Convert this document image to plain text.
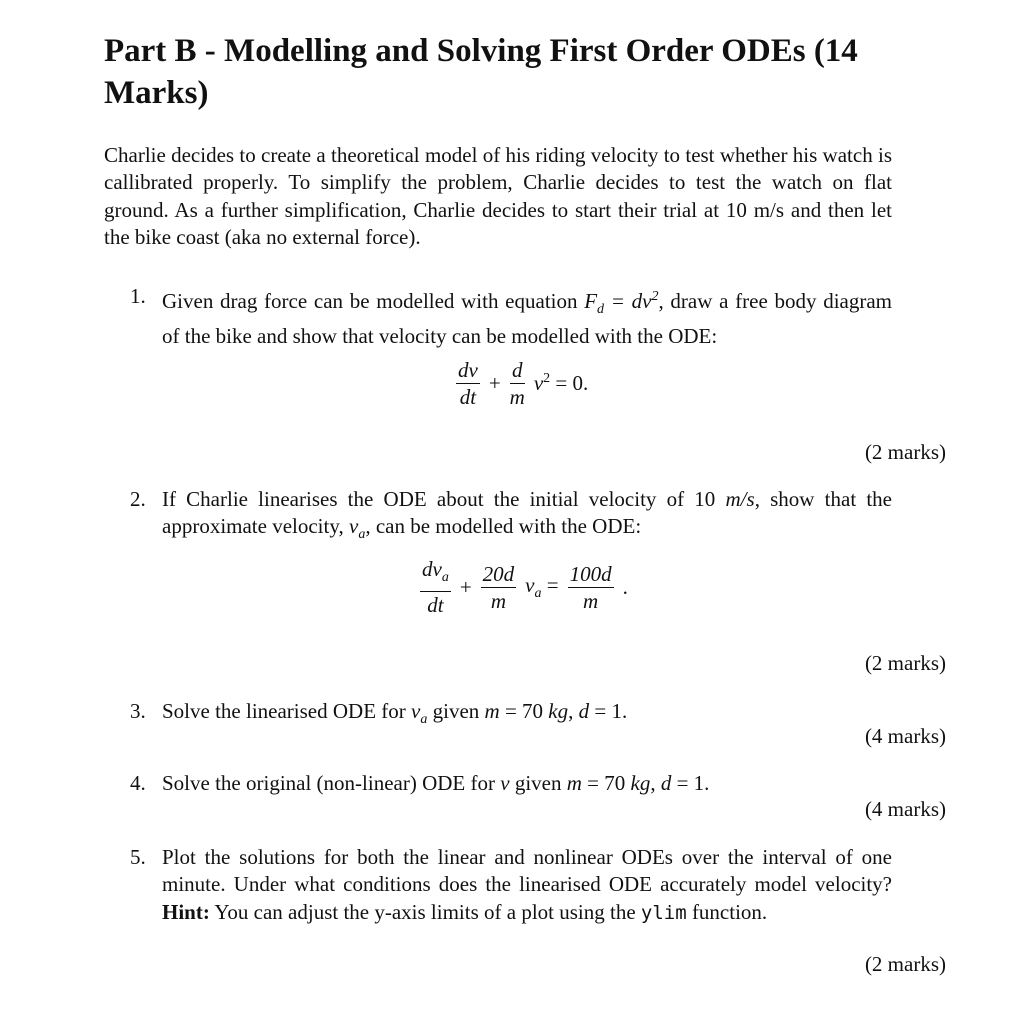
Part B - Modelling and Solving First Order ODEs (14 Marks)

Charlie decides to create a theoretical model of his riding velocity to test whether his watch is callibrated properly. To simplify the problem, Charlie decides to test the watch on flat ground. As a further simplification, Charlie decides to start their trial at 10 m/s and then let the bike coast (aka no external force).

1. Given drag force can be modelled with equation $F_d = dv^2$, draw a free body diagram of the bike and show that velocity can be modelled with the ODE:
$\frac{dv}{dt} + \frac{d}{m} v^2 = 0$.
(2 marks)
2. If Charlie linearises the ODE about the initial velocity of 10 m/s, show that the approximate velocity, $v_a$, can be modelled with the ODE:
$\frac{dv_a}{dt} + \frac{20d}{m} v_a = \frac{100d}{m}$ .
(2 marks)
3. Solve the linearised ODE for $v_a$ given m = 70 kg, d = 1.
(4 marks)
4. Solve the original (non-linear) ODE for v given m = 70 kg, d = 1.
(4 marks)
5. Plot the solutions for both the linear and nonlinear ODEs over the interval of one minute. Under what conditions does the linearised ODE accurately model velocity? Hint: You can adjust the y-axis limits of a plot using the ylim function.
(2 marks)
